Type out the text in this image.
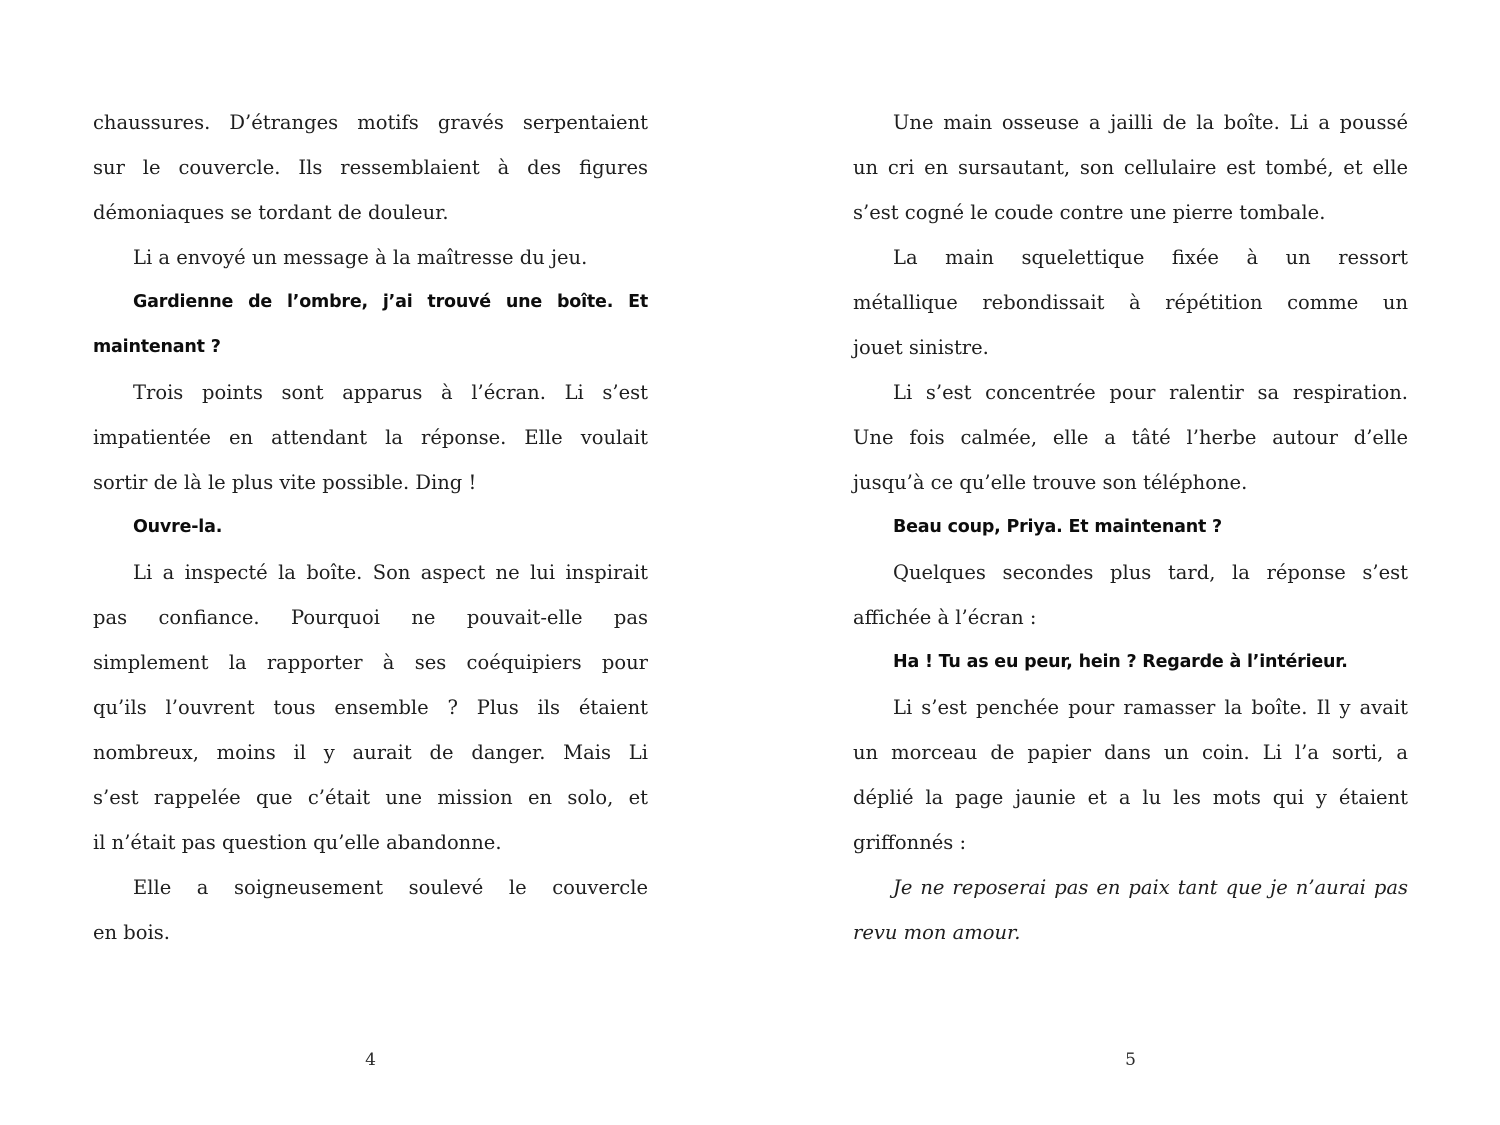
chaussures. D’étranges motifs gravés serpentaient
sur le couvercle. Ils ressemblaient à des figures
démoniaques se tordant de douleur.
Li a envoyé un message à la maîtresse du jeu.
Gardienne de l’ombre, j’ai trouvé une boîte. Et
maintenant ?
Trois points sont apparus à l’écran. Li s’est
impatientée en attendant la réponse. Elle voulait
sortir de là le plus vite possible. Ding !
Ouvre-la.
Li a inspecté la boîte. Son aspect ne lui inspirait
pas confiance. Pourquoi ne pouvait-elle pas
simplement la rapporter à ses coéquipiers pour
qu’ils l’ouvrent tous ensemble ? Plus ils étaient
nombreux, moins il y aurait de danger. Mais Li
s’est rappelée que c’était une mission en solo, et
il n’était pas question qu’elle abandonne.
Elle a soigneusement soulevé le couvercle
en bois.
4
Une main osseuse a jailli de la boîte. Li a poussé
un cri en sursautant, son cellulaire est tombé, et elle
s’est cogné le coude contre une pierre tombale.
La main squelettique fixée à un ressort
métallique rebondissait à répétition comme un
jouet sinistre.
Li s’est concentrée pour ralentir sa respiration.
Une fois calmée, elle a tâté l’herbe autour d’elle
jusqu’à ce qu’elle trouve son téléphone.
Beau coup, Priya. Et maintenant ?
Quelques secondes plus tard, la réponse s’est
affichée à l’écran :
Ha ! Tu as eu peur, hein ? Regarde à l’intérieur.
Li s’est penchée pour ramasser la boîte. Il y avait
un morceau de papier dans un coin. Li l’a sorti, a
déplié la page jaunie et a lu les mots qui y étaient
griffonnés :
Je ne reposerai pas en paix tant que je n’aurai pas
revu mon amour.
5
